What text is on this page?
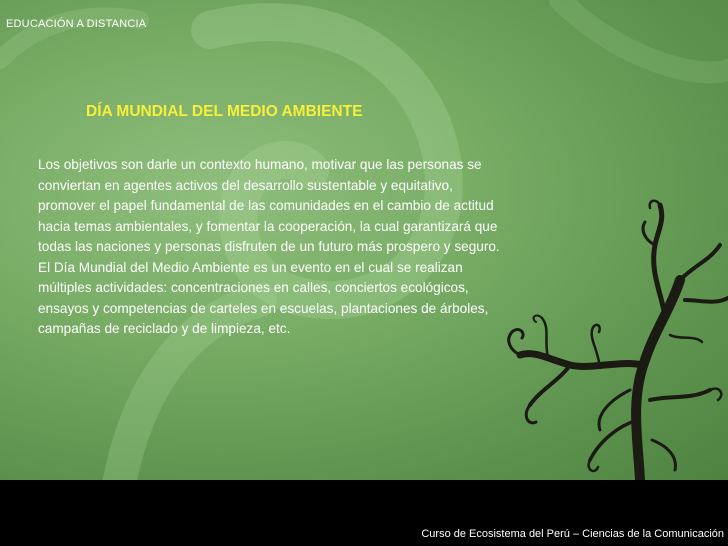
EDUCACIÓN A DISTANCIA
DÍA MUNDIAL DEL MEDIO AMBIENTE

Los objetivos son darle un contexto humano, motivar que las personas se conviertan en agentes activos del desarrollo sustentable y equitativo, promover el papel fundamental de las comunidades en el cambio de actitud hacia temas ambientales, y fomentar la cooperación, la cual garantizará que todas las naciones y personas disfruten de un futuro más prospero y seguro.

El Día Mundial del Medio Ambiente es un evento en el cual se realizan múltiples actividades: concentraciones en calles, conciertos ecológicos, ensayos y competencias de carteles en escuelas, plantaciones de árboles, campañas de reciclado y de limpieza, etc.

Curso de Ecosistema del Perú – Ciencias de la Comunicación
